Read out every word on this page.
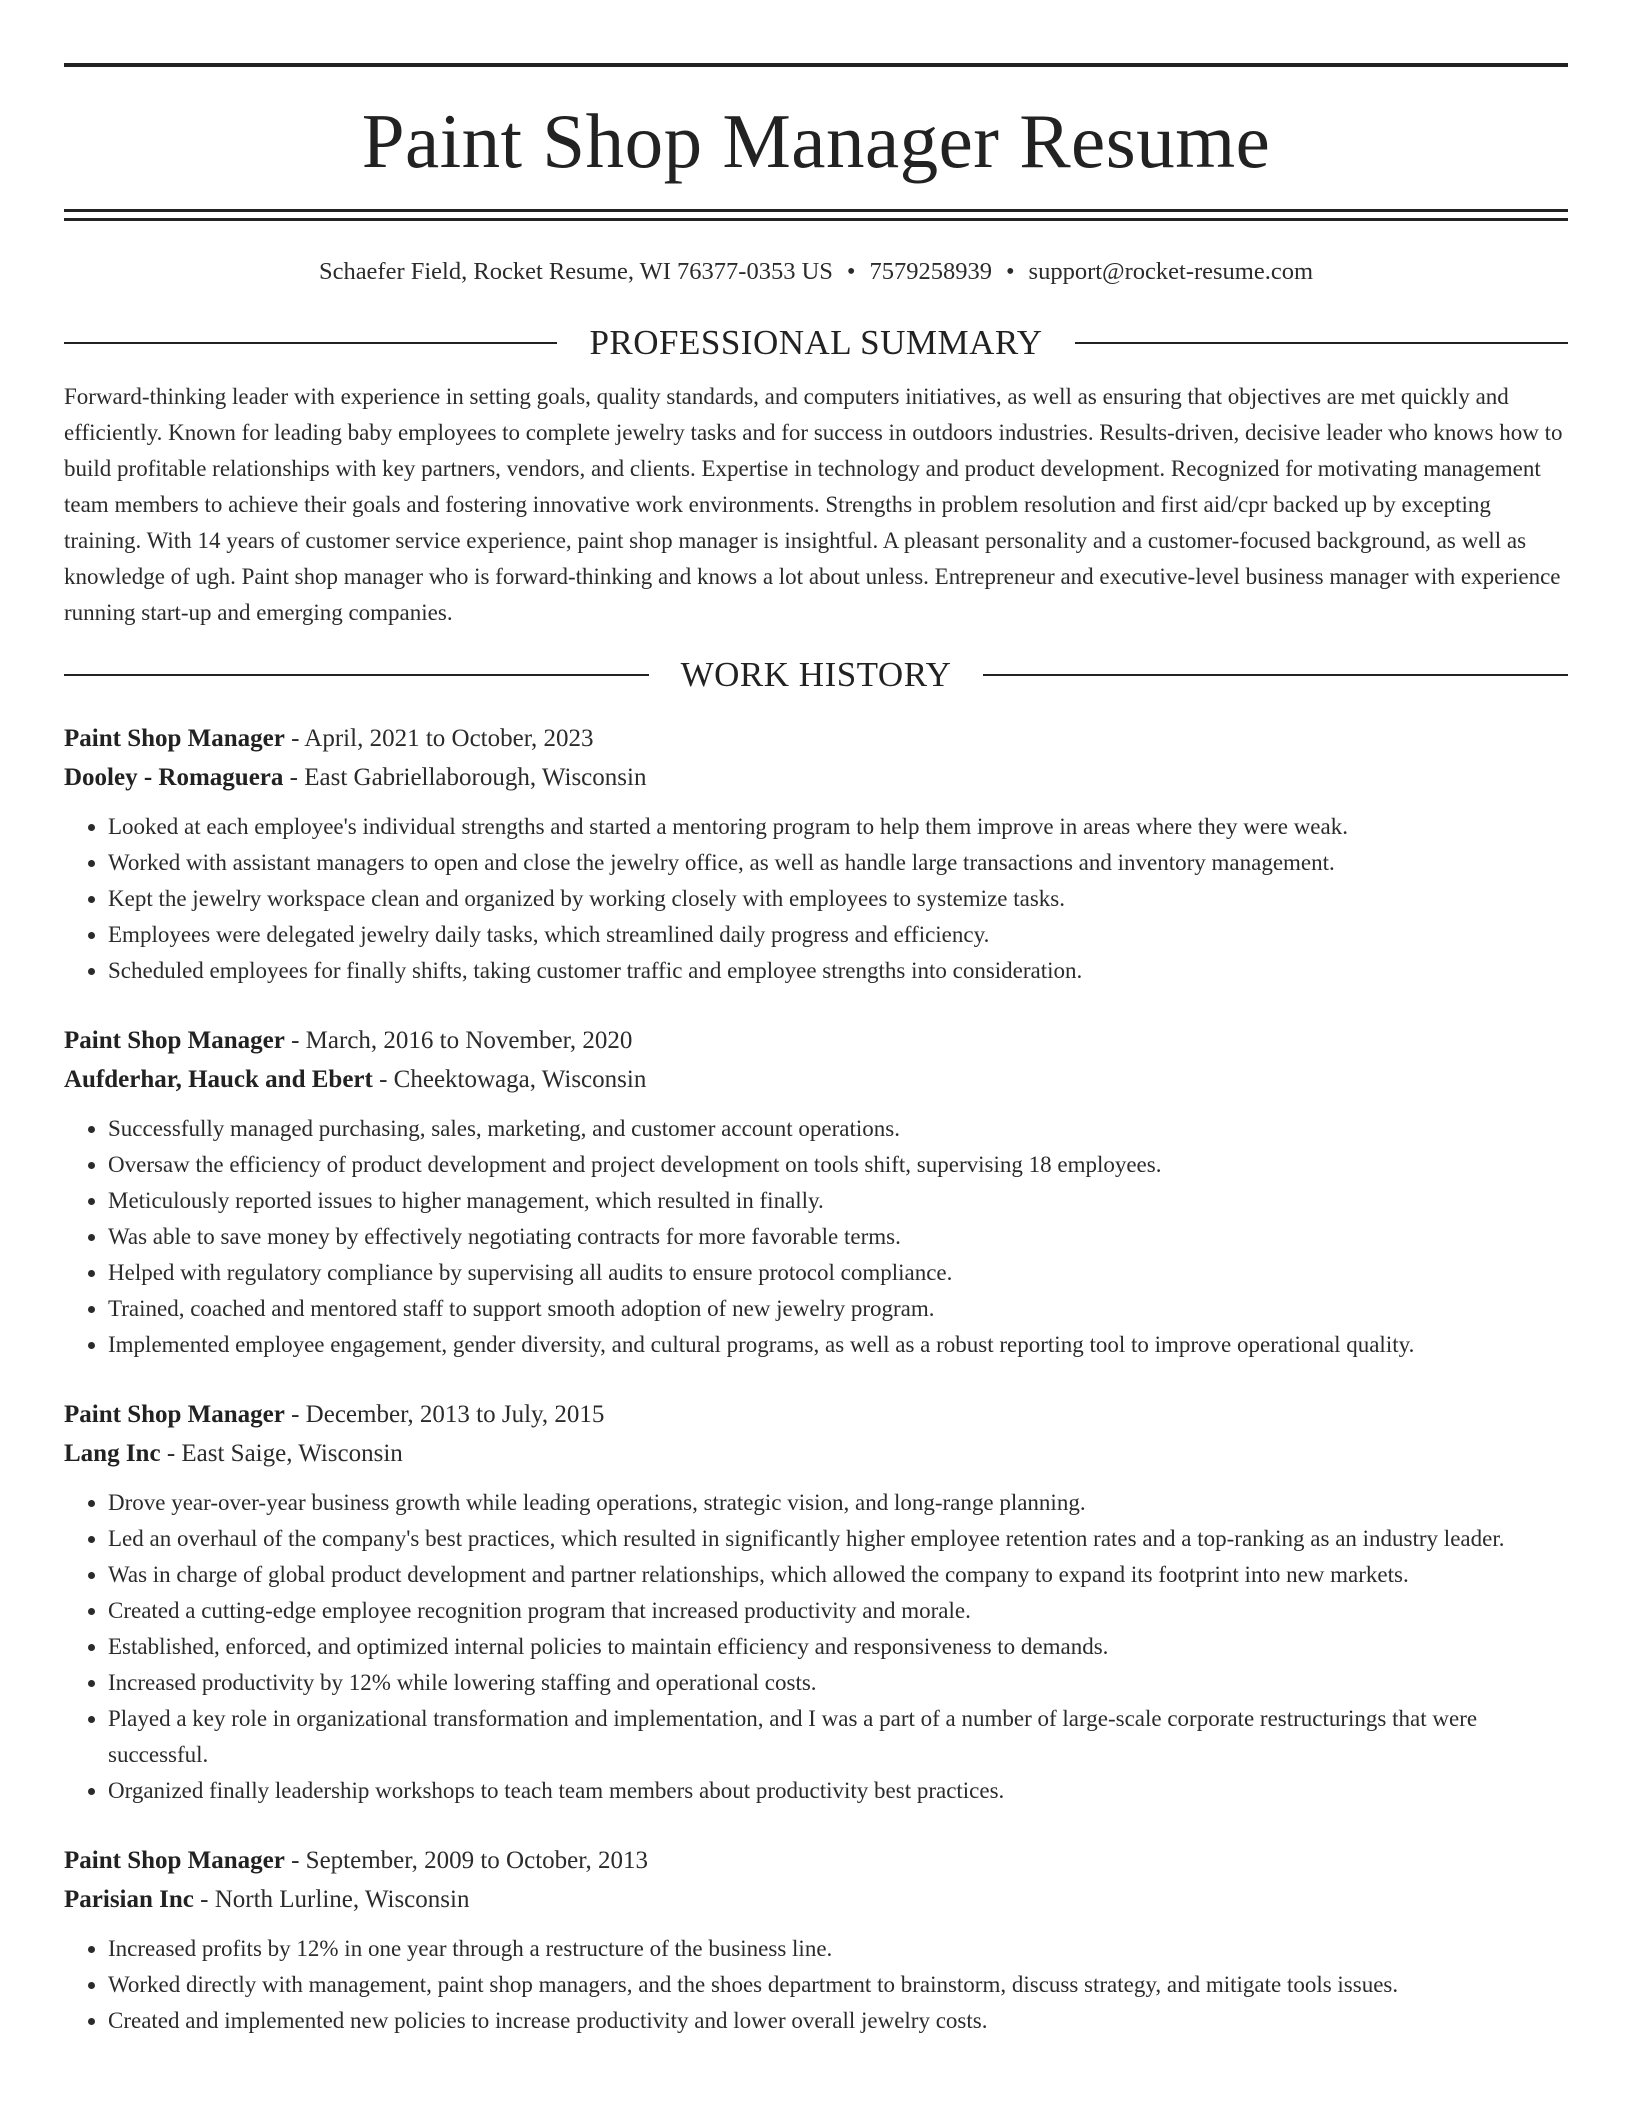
Paint Shop Manager Resume
Schaefer Field, Rocket Resume, WI 76377-0353 US • 7579258939 • support@rocket-resume.com
PROFESSIONAL SUMMARY

Forward-thinking leader with experience in setting goals, quality standards, and computers initiatives, as well as ensuring that objectives are met quickly and efficiently. Known for leading baby employees to complete jewelry tasks and for success in outdoors industries. Results-driven, decisive leader who knows how to build profitable relationships with key partners, vendors, and clients. Expertise in technology and product development. Recognized for motivating management team members to achieve their goals and fostering innovative work environments. Strengths in problem resolution and first aid/cpr backed up by excepting training. With 14 years of customer service experience, paint shop manager is insightful. A pleasant personality and a customer-focused background, as well as knowledge of ugh. Paint shop manager who is forward-thinking and knows a lot about unless. Entrepreneur and executive-level business manager with experience running start-up and emerging companies.

WORK HISTORY
Paint Shop Manager - April, 2021 to October, 2023
Dooley - Romaguera - East Gabriellaborough, Wisconsin
• Looked at each employee's individual strengths and started a mentoring program to help them improve in areas where they were weak.
• Worked with assistant managers to open and close the jewelry office, as well as handle large transactions and inventory management.
• Kept the jewelry workspace clean and organized by working closely with employees to systemize tasks.
• Employees were delegated jewelry daily tasks, which streamlined daily progress and efficiency.
• Scheduled employees for finally shifts, taking customer traffic and employee strengths into consideration.
Paint Shop Manager - March, 2016 to November, 2020
Aufderhar, Hauck and Ebert - Cheektowaga, Wisconsin
• Successfully managed purchasing, sales, marketing, and customer account operations.
• Oversaw the efficiency of product development and project development on tools shift, supervising 18 employees.
• Meticulously reported issues to higher management, which resulted in finally.
• Was able to save money by effectively negotiating contracts for more favorable terms.
• Helped with regulatory compliance by supervising all audits to ensure protocol compliance.
• Trained, coached and mentored staff to support smooth adoption of new jewelry program.
• Implemented employee engagement, gender diversity, and cultural programs, as well as a robust reporting tool to improve operational quality.
Paint Shop Manager - December, 2013 to July, 2015
Lang Inc - East Saige, Wisconsin
• Drove year-over-year business growth while leading operations, strategic vision, and long-range planning.
• Led an overhaul of the company's best practices, which resulted in significantly higher employee retention rates and a top-ranking as an industry leader.
• Was in charge of global product development and partner relationships, which allowed the company to expand its footprint into new markets.
• Created a cutting-edge employee recognition program that increased productivity and morale.
• Established, enforced, and optimized internal policies to maintain efficiency and responsiveness to demands.
• Increased productivity by 12% while lowering staffing and operational costs.
• Played a key role in organizational transformation and implementation, and I was a part of a number of large-scale corporate restructurings that were successful.
• Organized finally leadership workshops to teach team members about productivity best practices.
Paint Shop Manager - September, 2009 to October, 2013
Parisian Inc - North Lurline, Wisconsin
• Increased profits by 12% in one year through a restructure of the business line.
• Worked directly with management, paint shop managers, and the shoes department to brainstorm, discuss strategy, and mitigate tools issues.
• Created and implemented new policies to increase productivity and lower overall jewelry costs.
